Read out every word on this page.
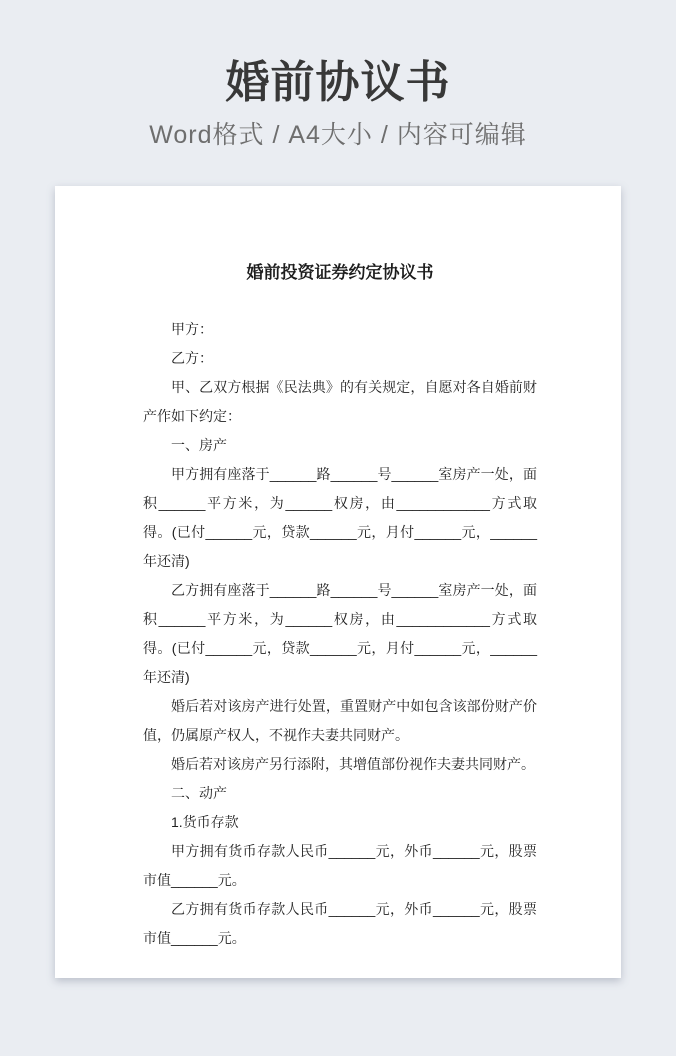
婚前协议书

Word格式 / A4大小 / 内容可编辑

婚前投资证券约定协议书

甲方：

乙方：

甲、乙双方根据《民法典》的有关规定，自愿对各自婚前财产作如下约定：

一、房产

甲方拥有座落于______路______号______室房产一处，面积______平方米，为______权房，由____________方式取得。(已付______元，贷款______元，月付______元，______年还清)

乙方拥有座落于______路______号______室房产一处，面积______平方米，为______权房，由____________方式取得。(已付______元，贷款______元，月付______元，______年还清)

婚后若对该房产进行处置，重置财产中如包含该部份财产价值，仍属原产权人，不视作夫妻共同财产。

婚后若对该房产另行添附，其增值部份视作夫妻共同财产。

二、动产

1.货币存款

甲方拥有货币存款人民币______元，外币______元，股票市值______元。

乙方拥有货币存款人民币______元，外币______元，股票市值______元。
